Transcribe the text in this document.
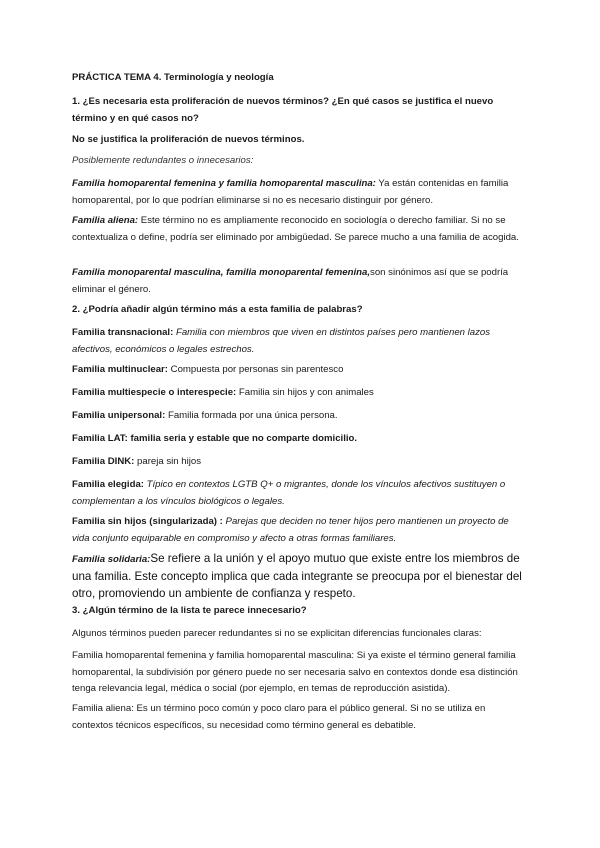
PRÁCTICA TEMA 4. Terminología y neología

1. ¿Es necesaria esta proliferación de nuevos términos? ¿En qué casos se justifica el nuevo término y en qué casos no?

No se justifica la proliferación de nuevos términos.

Posiblemente redundantes o innecesarios:

Familia homoparental femenina y familia homoparental masculina: Ya están contenidas en familia homoparental, por lo que podrían eliminarse si no es necesario distinguir por género.

Familia aliena: Este término no es ampliamente reconocido en sociología o derecho familiar. Si no se contextualiza o define, podría ser eliminado por ambigüedad. Se parece mucho a una familia de acogida.

Familia monoparental masculina, familia monoparental femenina,son sinónimos así que se podría eliminar el género.

2. ¿Podría añadir algún término más a esta familia de palabras?

Familia transnacional: Familia con miembros que viven en distintos países pero mantienen lazos afectivos, económicos o legales estrechos.

Familia multinuclear: Compuesta por personas sin parentesco

Familia multiespecie o interespecie: Familia sin hijos y con animales

Familia unipersonal: Familia formada por una única persona.

Familia LAT: familia seria y estable que no comparte domicilio.

Familia DINK: pareja sin hijos

Familia elegida: Típico en contextos LGTB Q+ o migrantes, donde los vínculos afectivos sustituyen o complementan a los vínculos biológicos o legales.

Familia sin hijos (singularizada) : Parejas que deciden no tener hijos pero mantienen un proyecto de vida conjunto equiparable en compromiso y afecto a otras formas familiares.

Familia solidaria:Se refiere a la unión y el apoyo mutuo que existe entre los miembros de una familia. Este concepto implica que cada integrante se preocupa por el bienestar del otro, promoviendo un ambiente de confianza y respeto.

3. ¿Algún término de la lista te parece innecesario?

Algunos términos pueden parecer redundantes si no se explicitan diferencias funcionales claras:

Familia homoparental femenina y familia homoparental masculina: Si ya existe el término general familia homoparental, la subdivisión por género puede no ser necesaria salvo en contextos donde esa distinción tenga relevancia legal, médica o social (por ejemplo, en temas de reproducción asistida).

Familia aliena: Es un término poco común y poco claro para el público general. Si no se utiliza en contextos técnicos específicos, su necesidad como término general es debatible.
